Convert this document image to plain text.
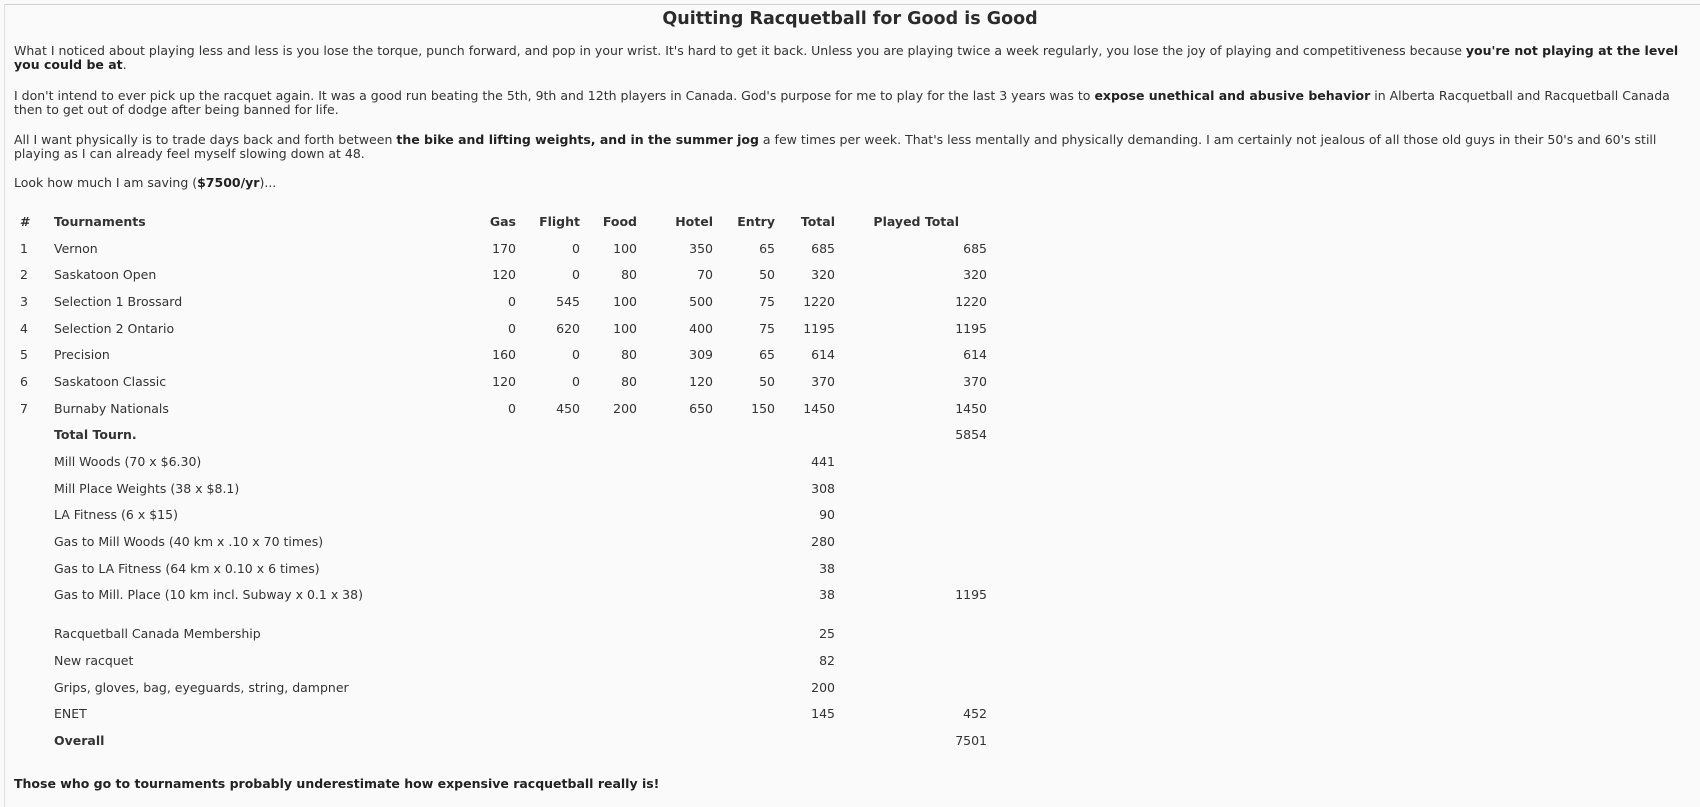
Quitting Racquetball for Good is Good

What I noticed about playing less and less is you lose the torque, punch forward, and pop in your wrist. It's hard to get it back. Unless you are playing twice a week regularly, you lose the joy of playing and competitiveness because you're not playing at the level you could be at.

I don't intend to ever pick up the racquet again. It was a good run beating the 5th, 9th and 12th players in Canada. God's purpose for me to play for the last 3 years was to expose unethical and abusive behavior in Alberta Racquetball and Racquetball Canada then to get out of dodge after being banned for life.

All I want physically is to trade days back and forth between the bike and lifting weights, and in the summer jog a few times per week. That's less mentally and physically demanding. I am certainly not jealous of all those old guys in their 50's and 60's still playing as I can already feel myself slowing down at 48.

Look how much I am saving ($7500/yr)...

#	Tournaments	Gas	Flight	Food	Hotel	Entry	Total	Played Total
1	Vernon	170	0	100	350	65	685	685
2	Saskatoon Open	120	0	80	70	50	320	320
3	Selection 1 Brossard	0	545	100	500	75	1220	1220
4	Selection 2 Ontario	0	620	100	400	75	1195	1195
5	Precision	160	0	80	309	65	614	614
6	Saskatoon Classic	120	0	80	120	50	370	370
7	Burnaby Nationals	0	450	200	650	150	1450	1450
	Total Tourn.							5854
	Mill Woods (70 x $6.30)						441	
	Mill Place Weights (38 x $8.1)						308	
	LA Fitness (6 x $15)						90	
	Gas to Mill Woods (40 km x .10 x 70 times)						280	
	Gas to LA Fitness (64 km x 0.10 x 6 times)						38	
	Gas to Mill. Place (10 km incl. Subway x 0.1 x 38)						38	1195

	Racquetball Canada Membership						25	
	New racquet						82	
	Grips, gloves, bag, eyeguards, string, dampner						200	
	ENET						145	452
	Overall							7501

Those who go to tournaments probably underestimate how expensive racquetball really is!
